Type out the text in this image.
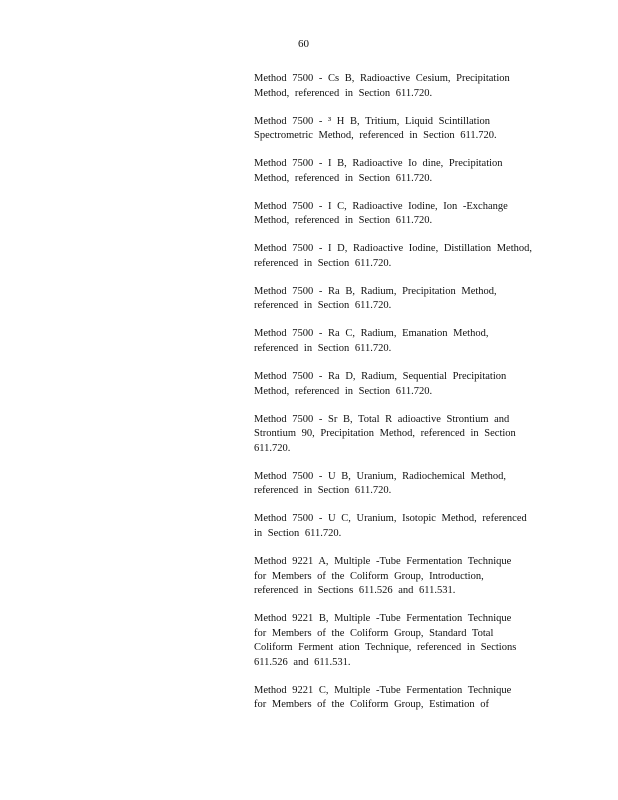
60
Method 7500 - Cs B, Radioactive Cesium, Precipitation
Method, referenced in Section 611.720.
Method 7500 - ³ H B, Tritium, Liquid Scintillation
Spectrometric Method, referenced in Section 611.720.
Method 7500 - I B, Radioactive Io dine, Precipitation
Method, referenced in Section 611.720.
Method 7500 - I C, Radioactive Iodine, Ion -Exchange
Method, referenced in Section 611.720.
Method 7500 - I D, Radioactive Iodine, Distillation Method,
referenced in Section 611.720.
Method 7500 - Ra B, Radium, Precipitation Method,
referenced in Section 611.720.
Method 7500 - Ra C, Radium, Emanation Method,
referenced in Section 611.720.
Method 7500 - Ra D, Radium, Sequential Precipitation
Method, referenced in Section 611.720.
Method 7500 - Sr B, Total R adioactive Strontium and
Strontium 90, Precipitation Method, referenced in Section
611.720.
Method 7500 - U B, Uranium, Radiochemical Method,
referenced in Section 611.720.
Method 7500 - U C, Uranium, Isotopic Method, referenced
in Section 611.720.
Method 9221 A, Multiple -Tube Fermentation Technique
for Members of the Coliform Group, Introduction,
referenced in Sections 611.526 and 611.531.
Method 9221 B, Multiple -Tube Fermentation Technique
for Members of the Coliform Group, Standard Total
Coliform Ferment ation Technique, referenced in Sections
611.526 and 611.531.
Method 9221 C, Multiple -Tube Fermentation Technique
for Members of the Coliform Group, Estimation of
